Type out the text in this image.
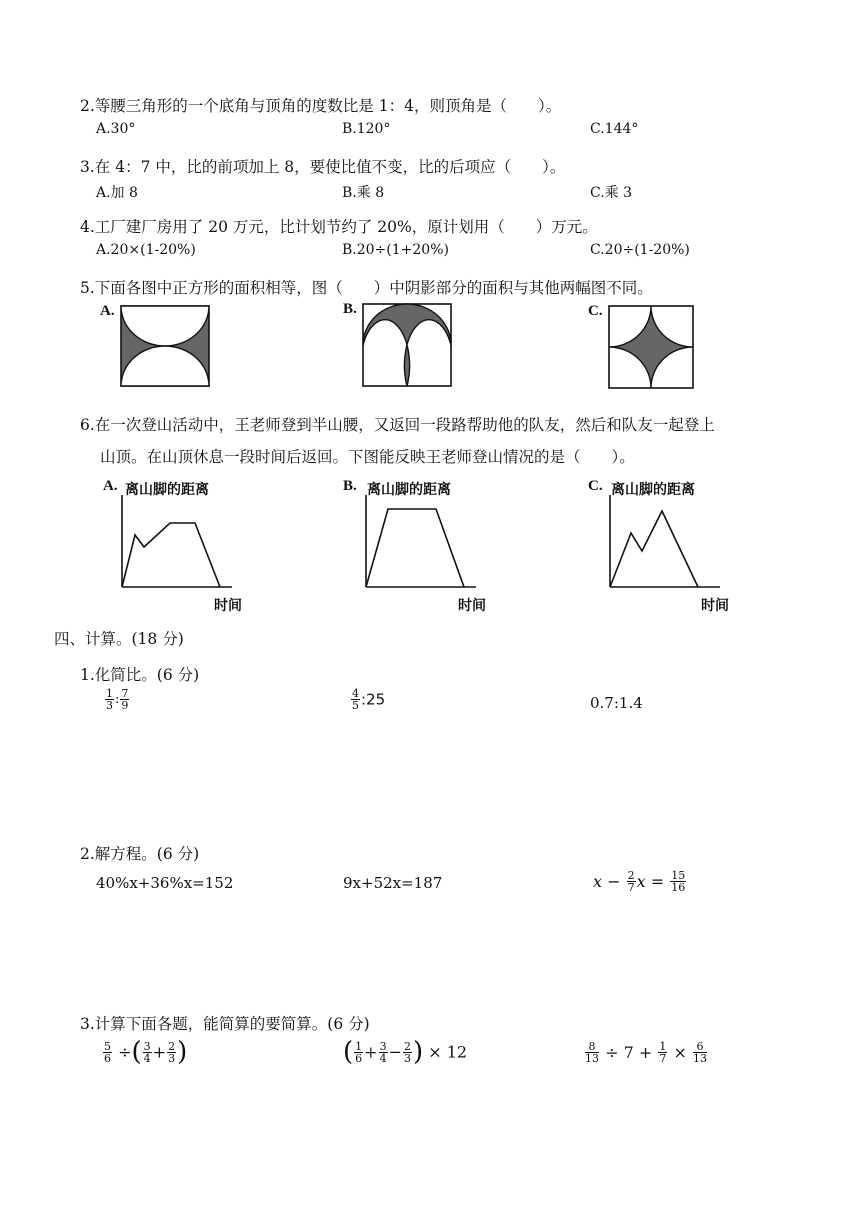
2.等腰三角形的一个底角与顶角的度数比是 1：4，则顶角是（　　）。
A.30°	B.120°	C.144°
3.在 4：7 中，比的前项加上 8，要使比值不变，比的后项应（　　）。
A.加 8	B.乘 8	C.乘 3
4.工厂建厂房用了 20 万元，比计划节约了 20%，原计划用（　　）万元。
A.20×(1-20%)	B.20÷(1+20%)	C.20÷(1-20%)
5.下面各图中正方形的面积相等，图（　　）中阴影部分的面积与其他两幅图不同。
A.	B.	C.
6.在一次登山活动中，王老师登到半山腰，又返回一段路帮助他的队友，然后和队友一起登上
山顶。在山顶休息一段时间后返回。下图能反映王老师登山情况的是（　　）。
A. 离山脚的距离
时间
B. 离山脚的距离
时间
C. 离山脚的距离
时间
四、计算。(18 分)
1.化简比。(6 分)
$\frac{1}{3}$ : $\frac{7}{9}$	$\frac{4}{5}$ :25	0.7:1.4
2.解方程。(6 分)
40%x+36%x=152	9x+52x=187	$x - \frac{2}{7}$ $x = \frac{15}{16}$
3.计算下面各题，能简算的要简算。(6 分)
$\frac{5}{6}$ ÷( $\frac{3}{4} + \frac{2}{3}$ )	( $\frac{1}{6} + \frac{3}{4} - \frac{2}{3}$ ) × 12	$\frac{8}{13} \div 7 + \frac{1}{7} \times \frac{6}{13}$
